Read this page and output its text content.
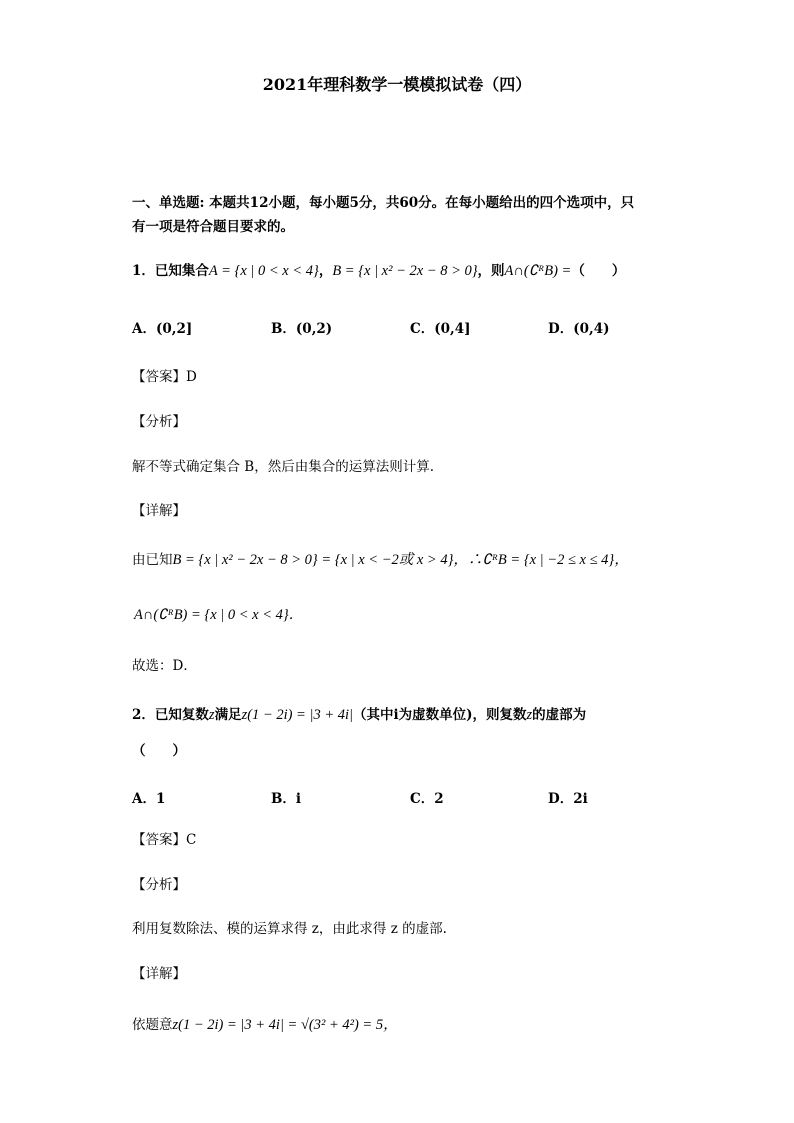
2021年理科数学一模模拟试卷（四）
一、单选题: 本题共12小题，每小题5分，共60分。在每小题给出的四个选项中，只
有一项是符合题目要求的。
1．已知集合A = {x | 0 < x < 4}，B = {x | x² − 2x − 8 > 0}，则A∩(∁ᴿB) =（　　）
A．(0,2]	B．(0,2)	C．(0,4]	D．(0,4)
【答案】D
【分析】
解不等式确定集合 B，然后由集合的运算法则计算.
【详解】
由已知B = {x | x² − 2x − 8 > 0} = {x | x < −2或 x > 4}，∴∁ᴿB = {x | −2 ≤ x ≤ 4}，
A∩(∁ᴿB) = {x | 0 < x < 4}．
故选：D．
2．已知复数z满足z(1 − 2i) = |3 + 4i|（其中i为虚数单位)，则复数z的虚部为
（　　）
A．1	B．i	C．2	D．2i
【答案】C
【分析】
利用复数除法、模的运算求得 z，由此求得 z 的虚部.
【详解】
依题意z(1 − 2i) = |3 + 4i| = √(3² + 4²) = 5，
